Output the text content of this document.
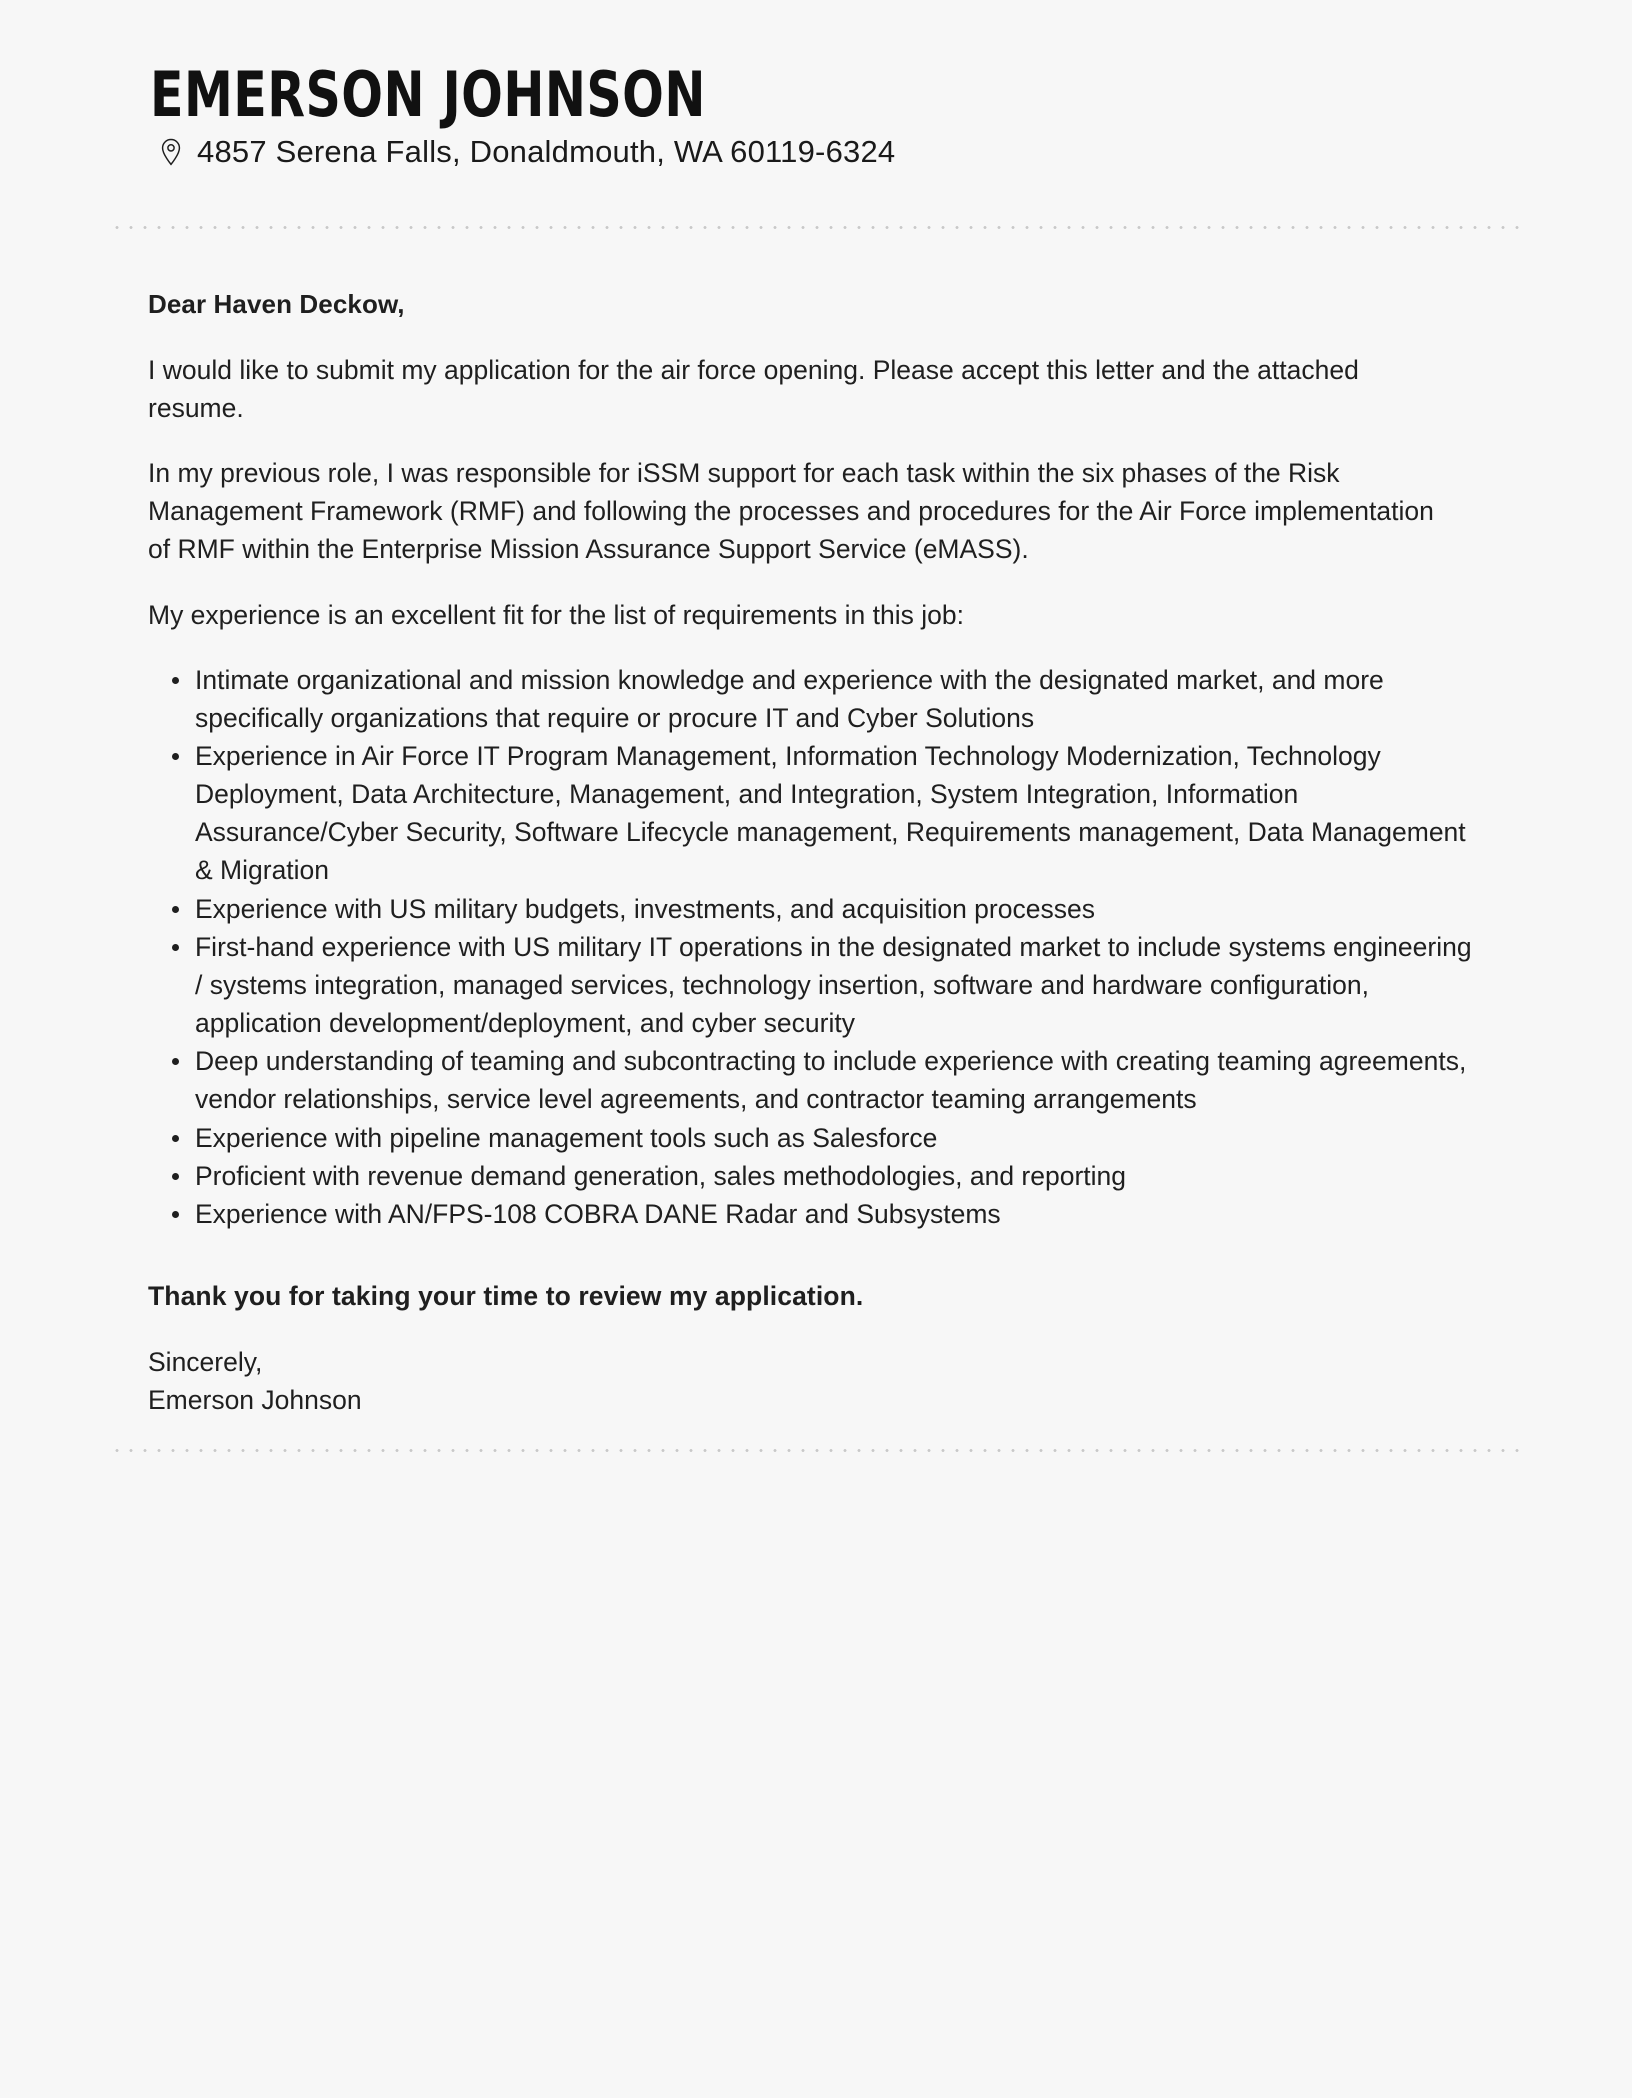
EMERSON JOHNSON
4857 Serena Falls, Donaldmouth, WA 60119-6324

Dear Haven Deckow,

I would like to submit my application for the air force opening. Please accept this letter and the attached resume.

In my previous role, I was responsible for iSSM support for each task within the six phases of the Risk Management Framework (RMF) and following the processes and procedures for the Air Force implementation of RMF within the Enterprise Mission Assurance Support Service (eMASS).

My experience is an excellent fit for the list of requirements in this job:

Intimate organizational and mission knowledge and experience with the designated market, and more specifically organizations that require or procure IT and Cyber Solutions
Experience in Air Force IT Program Management, Information Technology Modernization, Technology Deployment, Data Architecture, Management, and Integration, System Integration, Information Assurance/Cyber Security, Software Lifecycle management, Requirements management, Data Management & Migration
Experience with US military budgets, investments, and acquisition processes
First-hand experience with US military IT operations in the designated market to include systems engineering / systems integration, managed services, technology insertion, software and hardware configuration, application development/deployment, and cyber security
Deep understanding of teaming and subcontracting to include experience with creating teaming agreements, vendor relationships, service level agreements, and contractor teaming arrangements
Experience with pipeline management tools such as Salesforce
Proficient with revenue demand generation, sales methodologies, and reporting
Experience with AN/FPS-108 COBRA DANE Radar and Subsystems

Thank you for taking your time to review my application.

Sincerely,
Emerson Johnson
